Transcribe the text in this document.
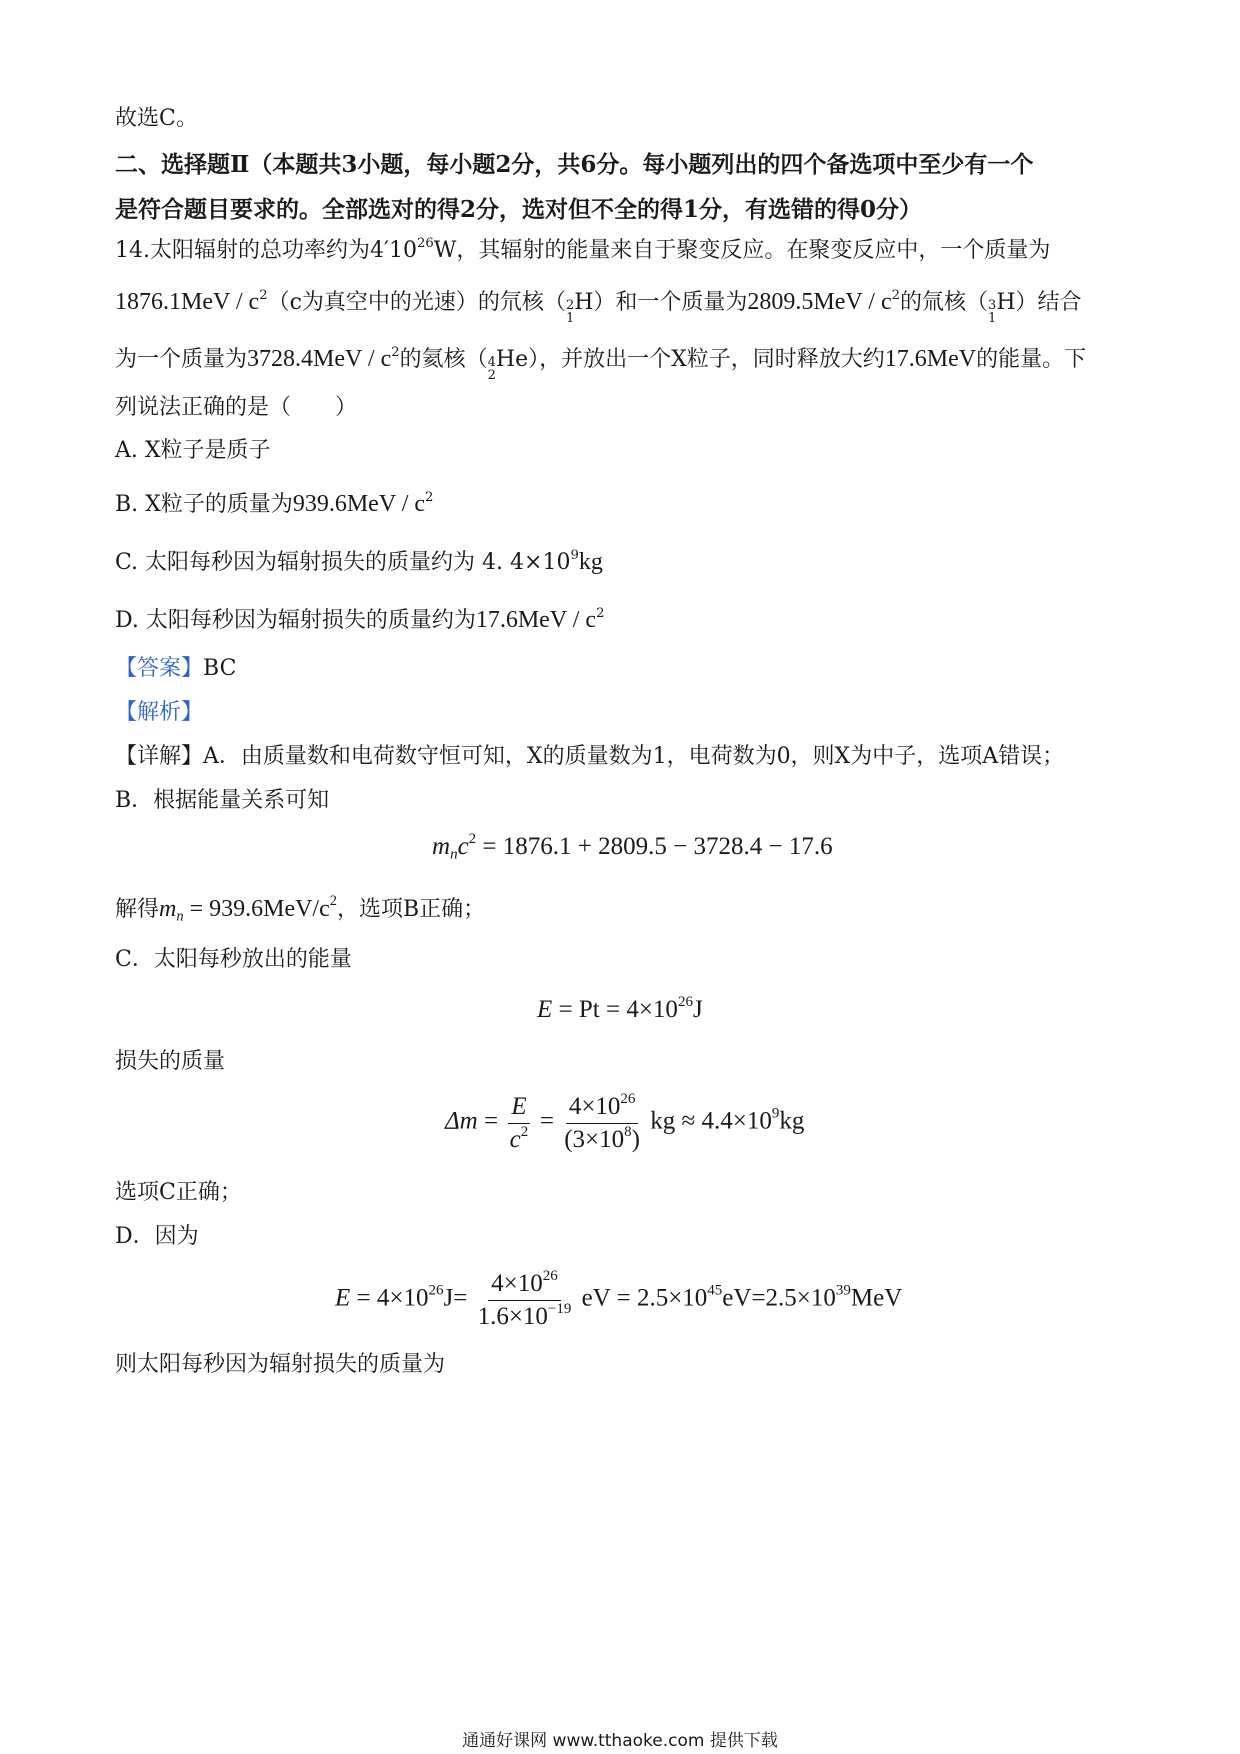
故选C。
二、选择题Ⅱ（本题共3小题，每小题2分，共6分。每小题列出的四个备选项中至少有一个
是符合题目要求的。全部选对的得2分，选对但不全的得1分，有选错的得0分）
14.太阳辐射的总功率约为$4'10^{26}W$，其辐射的能量来自于聚变反应。在聚变反应中，一个质量为
$1876.1MeV / c^2(c$为真空中的光速）的氘核（ 2
1
H）和一个质量为$2809.5MeV / c^2$的氚核（ 3
1
H）结合
为一个质量为$3728.4MeV / c^2$的氦核（ 4
2
He），并放出一个X粒子，同时释放大约17.6MeV的能量。下
列说法正确的是（　　）
A. X粒子是质子
B. X粒子的质量为$939.6MeV / c^2$
C. 太阳每秒因为辐射损失的质量约为 4. $4\times 10^9kg$
D. 太阳每秒因为辐射损失的质量约为$17.6MeV / c^2$
【答案】BC
【解析】
【详解】A．由质量数和电荷数守恒可知，X的质量数为1，电荷数为0，则X为中子，选项A错误；
B．根据能量关系可知
$m_nc^2 = 1876.1 + 2809.5 - 3728.4 - 17.6$
解得$m_n = 939.6MeV/c^2$，选项B正确；
C．太阳每秒放出的能量
$E = Pt = 4\times 10^{26}J$
损失的质量
$\Delta m = \frac{E}{c^2} = \frac{4\times 10^{26}}{(3\times 10^8)}$ kg ≈ $4.4\times 10^9kg$
选项C正确；
D．因为
$E = 4\times 10^{26}J= \frac{4\times 10^{26}}{1.6\times 10^{-19}}$ eV = $2.5\times 10^{45}eV=2.5\times 10^{39}MeV$
则太阳每秒因为辐射损失的质量为
通通好课网 www.tthaoke.com 提供下载
